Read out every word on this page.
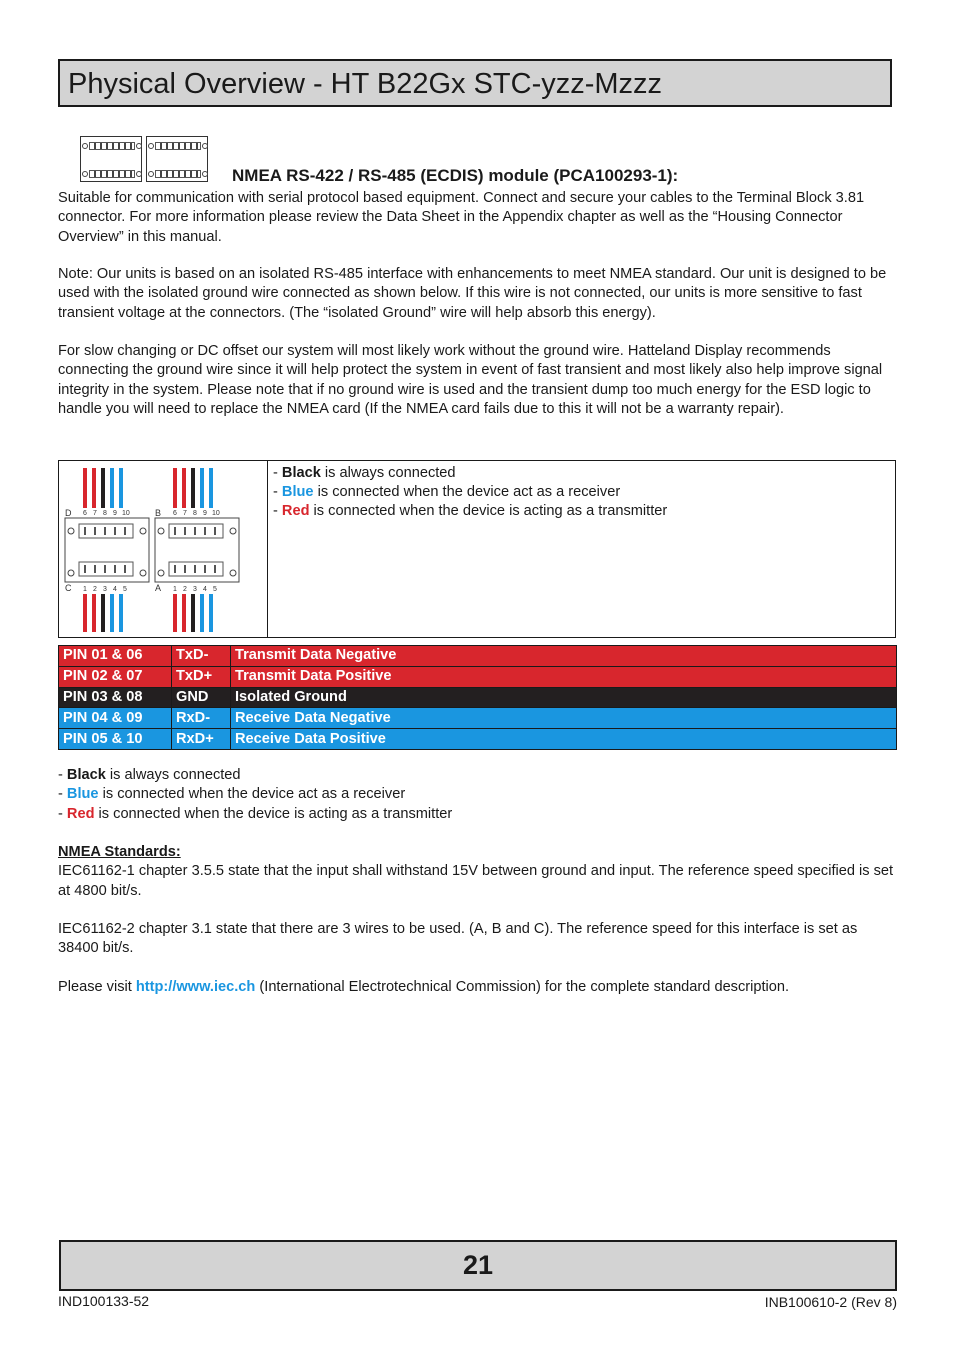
Physical Overview - HT B22Gx STC-yzz-Mzzz
NMEA RS-422 / RS-485 (ECDIS) module (PCA100293-1):

Suitable for communication with serial protocol based equipment. Connect and secure your cables to the Terminal Block 3.81 connector. For more information please review the Data Sheet in the Appendix chapter as well as the “Housing Connector Overview” in this manual.

Note: Our units is based on an isolated RS-485 interface with enhancements to meet NMEA standard. Our unit is designed to be used with the isolated ground wire connected as shown below. If this wire is not connected, our units is more sensitive to fast transient voltage at the connectors. (The “isolated Ground” wire will help absorb this energy).

For slow changing or DC offset our system will most likely work without the ground wire. Hatteland Display recommends connecting the ground wire since it will help protect the system in event of fast transient and most likely also help improve signal integrity in the system. Please note that if no ground wire is used and the transient dump too much energy for the ESD logic to handle you will need to replace the NMEA card (If the NMEA card fails due to this it will not be a warranty repair).

D	B
C	A
6 7 8 9 10	6 7 8 9 10
1 2 3 4 5	1 2 3 4 5
- Black is always connected
- Blue is connected when the device act as a receiver
- Red is connected when the device is acting as a transmitter
PIN 01 & 06	TxD-	Transmit Data Negative
PIN 02 & 07	TxD+	Transmit Data Positive
PIN 03 & 08	GND	Isolated Ground
PIN 04 & 09	RxD-	Receive Data Negative
PIN 05 & 10	RxD+	Receive Data Positive
- Black is always connected
- Blue is connected when the device act as a receiver
- Red is connected when the device is acting as a transmitter
NMEA Standards:

IEC61162-1 chapter 3.5.5 state that the input shall withstand 15V between ground and input. The reference speed specified is set at 4800 bit/s.

IEC61162-2 chapter 3.1 state that there are 3 wires to be used. (A, B and C). The reference speed for this interface is set as 38400 bit/s.

Please visit http://www.iec.ch (International Electrotechnical Commission) for the complete standard description.
21
IND100133-52	INB100610-2 (Rev 8)
